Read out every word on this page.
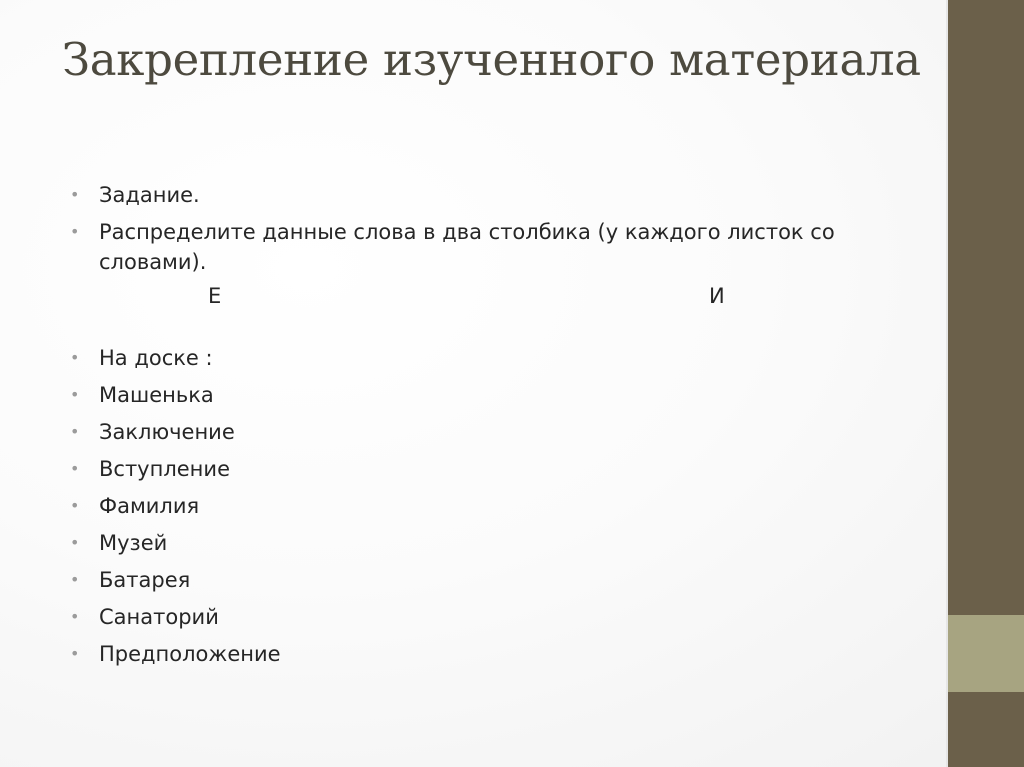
Закрепление изученного материала
• Задание.
• Распределите данные слова в два столбика (у каждого листок со словами).
Е	И
• На доске :
• Машенька
• Заключение
• Вступление
• Фамилия
• Музей
• Батарея
• Санаторий
• Предположение
